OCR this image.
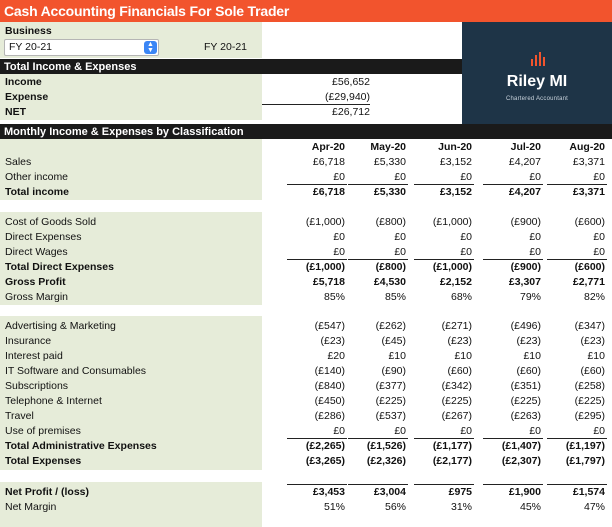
Cash Accounting Financials For Sole Trader
Total Income & Expenses
Monthly Income & Expenses by Classification
Riley MI
Chartered Accountant
Business
FY 20-21	▲
▼	FY 20-21
Income	£56,652
Expense	(£29,940)
NET	£26,712
Apr-20	May-20	Jun-20	Jul-20	Aug-20
Sales	£6,718	£5,330	£3,152	£4,207	£3,371
Other income	£0	£0	£0	£0	£0
Total income	£6,718	£5,330	£3,152	£4,207	£3,371
Cost of Goods Sold	(£1,000)	(£800)	(£1,000)	(£900)	(£600)
Direct Expenses	£0	£0	£0	£0	£0
Direct Wages	£0	£0	£0	£0	£0
Total Direct Expenses	(£1,000)	(£800)	(£1,000)	(£900)	(£600)
Gross Profit	£5,718	£4,530	£2,152	£3,307	£2,771
Gross Margin	85%	85%	68%	79%	82%
Advertising & Marketing	(£547)	(£262)	(£271)	(£496)	(£347)
Insurance	(£23)	(£45)	(£23)	(£23)	(£23)
Interest paid	£20	£10	£10	£10	£10
IT Software and Consumables	(£140)	(£90)	(£60)	(£60)	(£60)
Subscriptions	(£840)	(£377)	(£342)	(£351)	(£258)
Telephone & Internet	(£450)	(£225)	(£225)	(£225)	(£225)
Travel	(£286)	(£537)	(£267)	(£263)	(£295)
Use of premises	£0	£0	£0	£0	£0
Total Administrative Expenses	(£2,265)	(£1,526)	(£1,177)	(£1,407)	(£1,197)
Total Expenses	(£3,265)	(£2,326)	(£2,177)	(£2,307)	(£1,797)
Net Profit / (loss)	£3,453	£3,004	£975	£1,900	£1,574
Net Margin	51%	56%	31%	45%	47%
